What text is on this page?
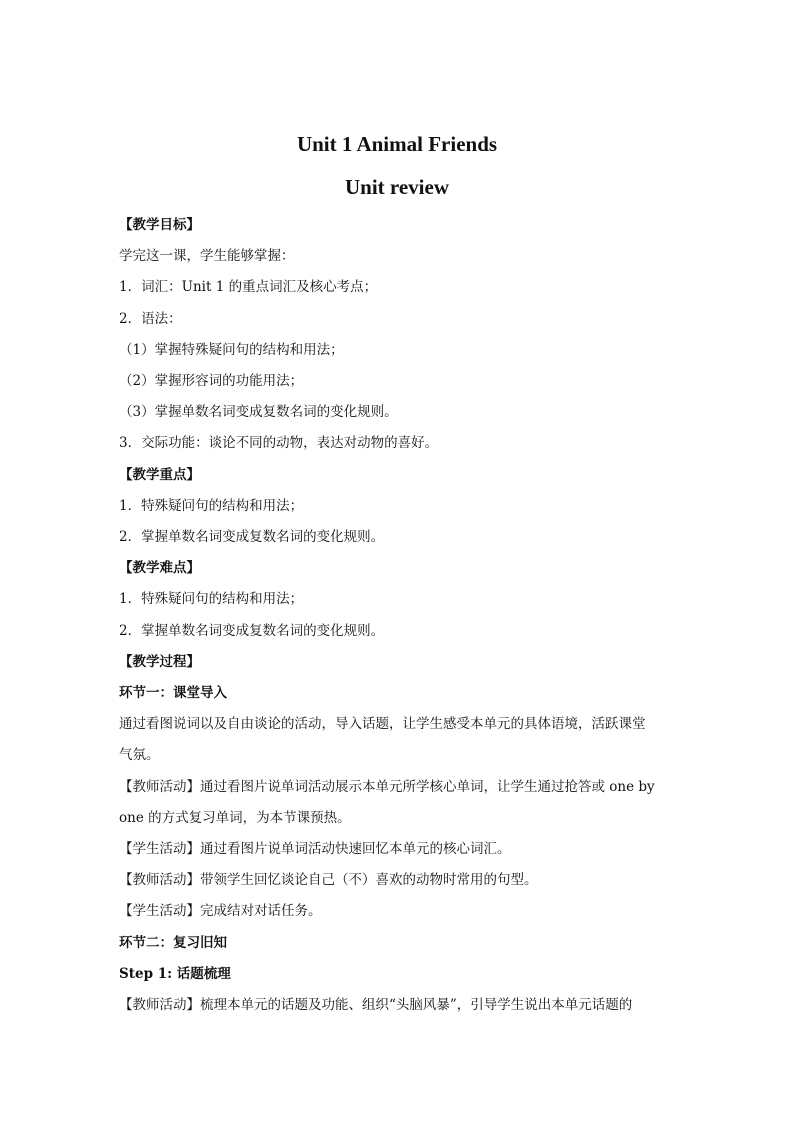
Unit 1 Animal Friends
Unit review
【教学目标】
学完这一课，学生能够掌握：
1．词汇：Unit 1 的重点词汇及核心考点；
2．语法：
（1）掌握特殊疑问句的结构和用法；
（2）掌握形容词的功能用法；
（3）掌握单数名词变成复数名词的变化规则。
3．交际功能：谈论不同的动物，表达对动物的喜好。
【教学重点】
1．特殊疑问句的结构和用法；
2．掌握单数名词变成复数名词的变化规则。
【教学难点】
1．特殊疑问句的结构和用法；
2．掌握单数名词变成复数名词的变化规则。
【教学过程】
环节一：课堂导入
通过看图说词以及自由谈论的活动，导入话题，让学生感受本单元的具体语境，活跃课堂
气氛。
【教师活动】通过看图片说单词活动展示本单元所学核心单词，让学生通过抢答或 one by
one 的方式复习单词，为本节课预热。
【学生活动】通过看图片说单词活动快速回忆本单元的核心词汇。
【教师活动】带领学生回忆谈论自己（不）喜欢的动物时常用的句型。
【学生活动】完成结对对话任务。
环节二：复习旧知
Step 1: 话题梳理
【教师活动】梳理本单元的话题及功能、组织“头脑风暴”，引导学生说出本单元话题的
